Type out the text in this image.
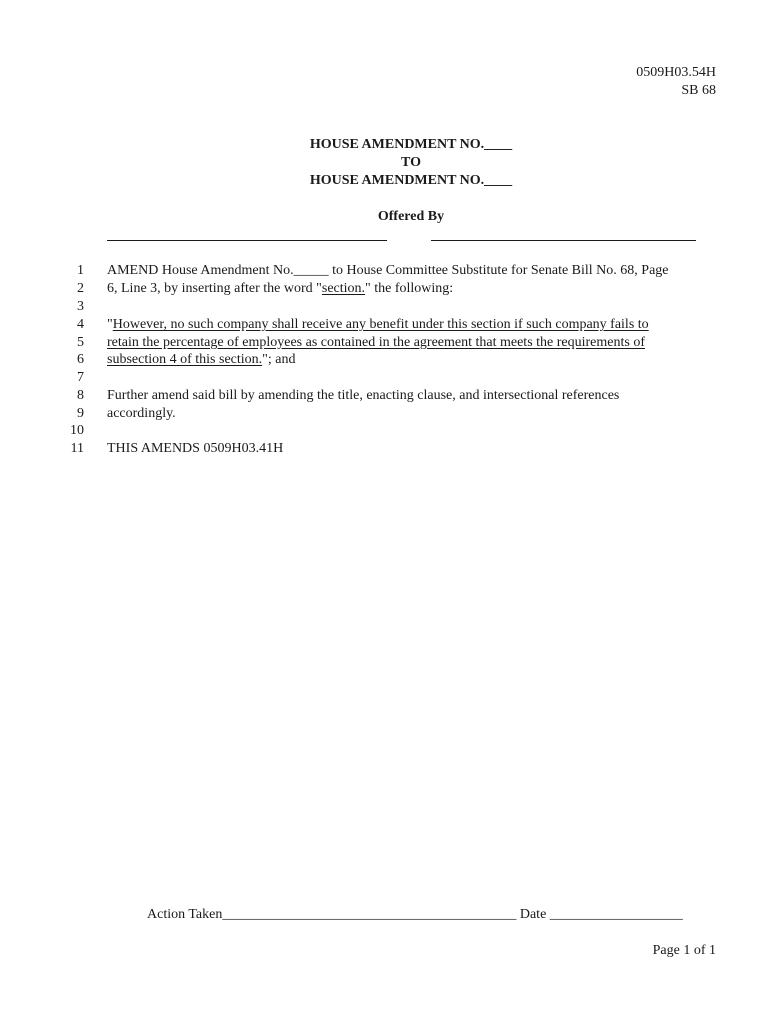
0509H03.54H
SB 68
HOUSE AMENDMENT NO.____
TO
HOUSE AMENDMENT NO.____
Offered By
1
2
3
4
5
6
7
8
9
10
11
AMEND House Amendment No._____ to House Committee Substitute for Senate Bill No. 68, Page
6, Line 3, by inserting after the word "section." the following:
"However, no such company shall receive any benefit under this section if such company fails to
retain the percentage of employees as contained in the agreement that meets the requirements of
subsection 4 of this section."; and
Further amend said bill by amending the title, enacting clause, and intersectional references
accordingly.
THIS AMENDS 0509H03.41H
Action Taken__________________________________________ Date ___________________
Page 1 of 1
